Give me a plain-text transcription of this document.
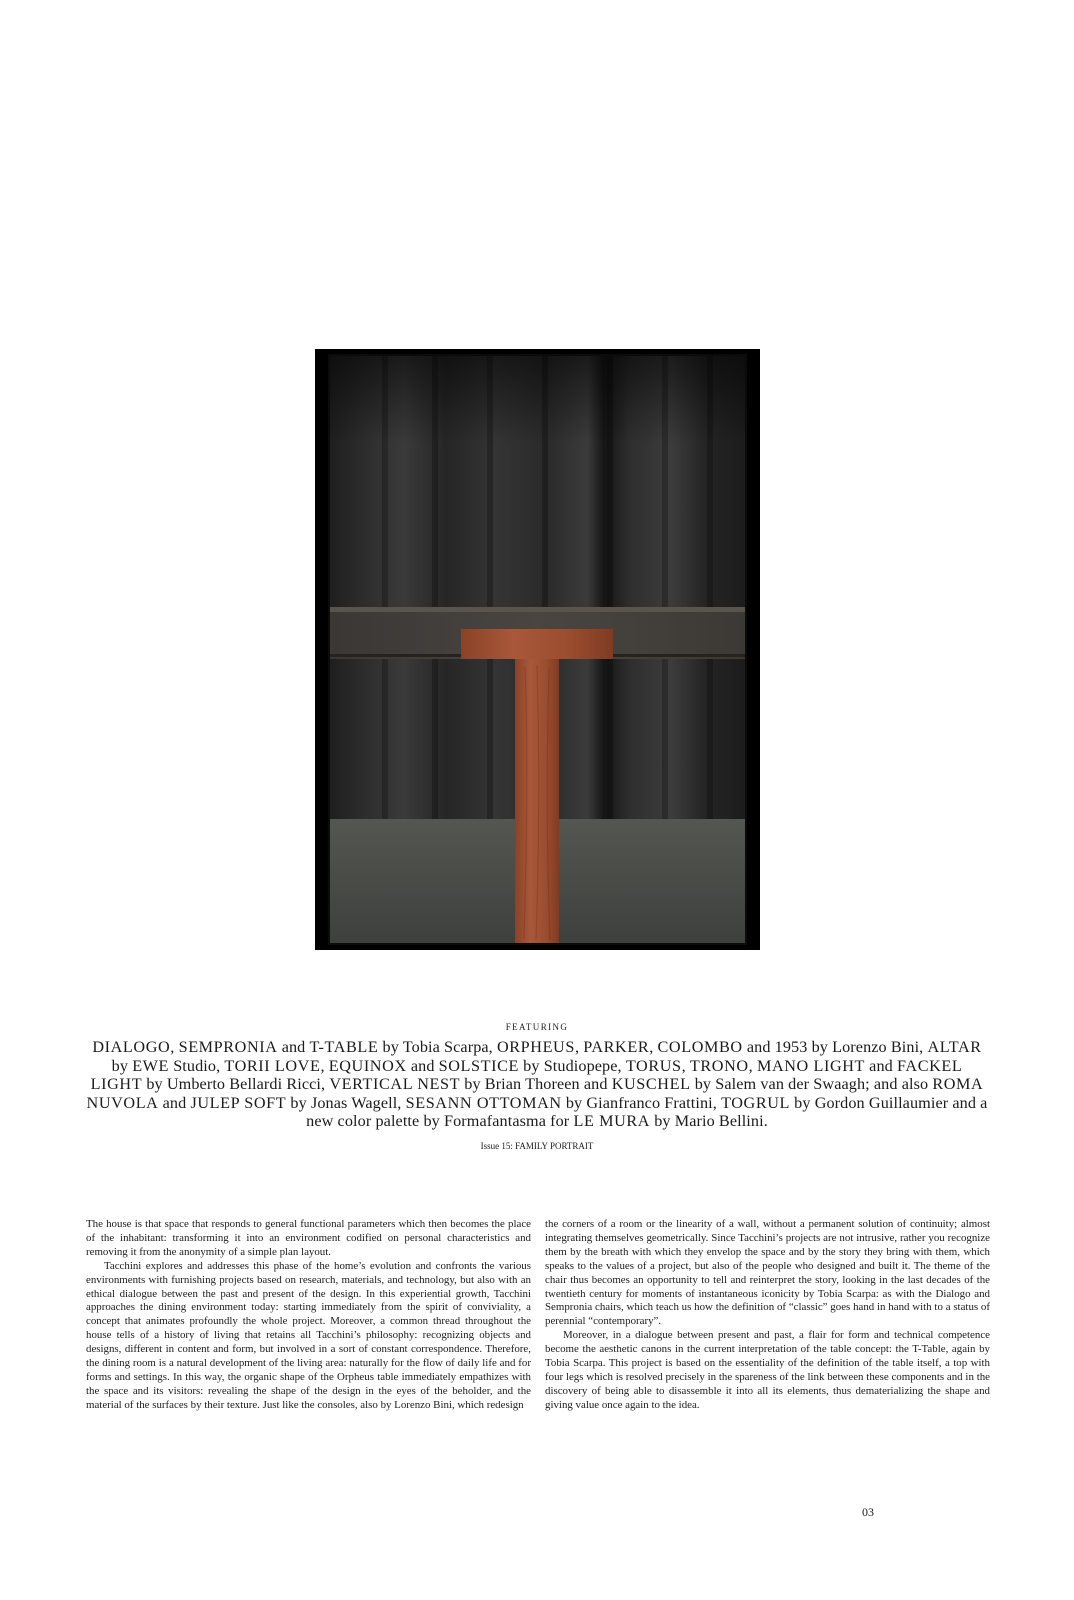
FEATURING
DIALOGO, SEMPRONIA and T-TABLE by Tobia Scarpa, ORPHEUS, PARKER, COLOMBO and 1953 by Lorenzo Bini, ALTAR by EWE Studio, TORII LOVE, EQUINOX and SOLSTICE by Studiopepe, TORUS, TRONO, MANO LIGHT and FACKEL LIGHT by Umberto Bellardi Ricci, VERTICAL NEST by Brian Thoreen and KUSCHEL by Salem van der Swaagh; and also ROMA NUVOLA and JULEP SOFT by Jonas Wagell, SESANN OTTOMAN by Gianfranco Frattini, TOGRUL by Gordon Guillaumier and a new color palette by Formafantasma for LE MURA by Mario Bellini.
Issue 15: FAMILY PORTRAIT

The house is that space that responds to general functional parameters which then becomes the place of the inhabitant: transforming it into an environment codified on personal characteristics and removing it from the anonymity of a simple plan layout.

Tacchini explores and addresses this phase of the home’s evolution and confronts the various environments with furnishing projects based on research, materials, and technology, but also with an ethical dialogue between the past and present of the design. In this experiential growth, Tacchini approaches the dining environment today: starting immediately from the spirit of conviviality, a concept that animates profoundly the whole project. Moreover, a common thread throughout the house tells of a history of living that retains all Tacchini’s philosophy: recognizing objects and designs, different in content and form, but involved in a sort of constant correspondence. Therefore, the dining room is a natural development of the living area: naturally for the flow of daily life and for forms and settings. In this way, the organic shape of the Orpheus table immediately empathizes with the space and its visitors: revealing the shape of the design in the eyes of the beholder, and the material of the surfaces by their texture. Just like the consoles, also by Lorenzo Bini, which redesign

the corners of a room or the linearity of a wall, without a permanent solution of continuity; almost integrating themselves geometrically. Since Tacchini’s projects are not intrusive, rather you recognize them by the breath with which they envelop the space and by the story they bring with them, which speaks to the values of a project, but also of the people who designed and built it. The theme of the chair thus becomes an opportunity to tell and reinterpret the story, looking in the last decades of the twentieth century for moments of instantaneous iconicity by Tobia Scarpa: as with the Dialogo and Sempronia chairs, which teach us how the definition of “classic” goes hand in hand with to a status of perennial “contemporary”.

Moreover, in a dialogue between present and past, a flair for form and technical competence become the aesthetic canons in the current interpretation of the table concept: the T-Table, again by Tobia Scarpa. This project is based on the essentiality of the definition of the table itself, a top with four legs which is resolved precisely in the spareness of the link between these components and in the discovery of being able to disassemble it into all its elements, thus dematerializing the shape and giving value once again to the idea.

03
